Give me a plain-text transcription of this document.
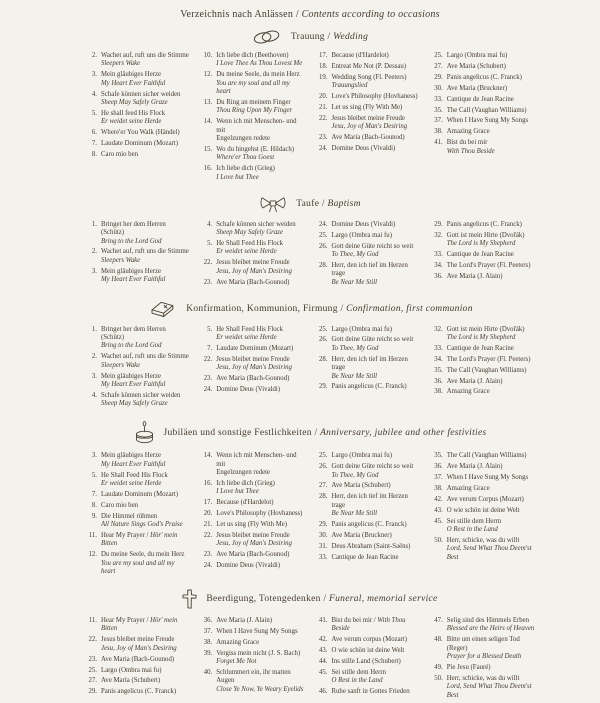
Verzeichnis nach Anlässen / Contents according to occasions
Trauung / Wedding
2. Wachet auf, ruft uns die Stimme
Sleepers Wake
3. Mein gläubiges Herze
My Heart Ever Faithful
4. Schafe können sicher weiden
Sheep May Safely Graze
5. He shall feed His Flock
Er weidet seine Herde
6. Where'er You Walk (Händel)
7. Laudate Dominum (Mozart)
8. Caro mio ben
10. Ich liebe dich (Beethoven)
I Love Thee As Thou Lovest Me
12. Du meine Seele, du mein Herz
You are my soul and all my heart
13. Du Ring an meinem Finger
Thou Ring Upon My Finger
14. Wenn ich mit Menschen- und mit
Engelzungen redete
15. Wo du hingehst (E. Hildach)
Where'er Thou Goest
16. Ich liebe dich (Grieg)
I Love but Thee
17. Because (d'Hardelot)
18. Entreat Me Not (P. Dessau)
19. Wedding Song (Fl. Peeters)
Trauungslied
20. Love's Philosophy (Hovhaness)
21. Let us sing (Fly With Me)
22. Jesus bleibet meine Freude
Jesu, Joy of Man's Desiring
23. Ave Maria (Bach-Gounod)
24. Domine Deus (Vivaldi)
25. Largo (Ombra mai fu)
27. Ave Maria (Schubert)
29. Panis angelicus (C. Franck)
30. Ave Maria (Bruckner)
33. Cantique de Jean Racine
35. The Call (Vaughan Williams)
37. When I Have Sung My Songs
38. Amazing Grace
41. Bist du bei mir
With Thou Beside
Taufe / Baptism
1. Bringet her dem Herren (Schütz)
Bring to the Lord God
2. Wachet auf, ruft uns die Stimme
Sleepers Wake
3. Mein gläubiges Herze
My Heart Ever Faithful
4. Schafe können sicher weiden
Sheep May Safely Graze
5. He Shall Feed His Flock
Er weidet seine Herde
22. Jesus bleibet meine Freude
Jesu, Joy of Man's Desiring
23. Ave Maria (Bach-Gounod)
24. Domine Deus (Vivaldi)
25. Largo (Ombra mai fu)
26. Gott deine Güte reicht so weit
To Thee, My God
28. Herr, den ich tief im Herzen trage
Be Near Me Still
29. Panis angelicus (C. Franck)
32. Gott ist mein Hirte (Dvořák)
The Lord is My Shepherd
33. Cantique de Jean Racine
34. The Lord's Prayer (Fl. Peeters)
36. Ave Maria (J. Alain)
Konfirmation, Kommunion, Firmung / Confirmation, first communion
1. Bringet her dem Herren (Schütz)
Bring to the Lord God
2. Wachet auf, ruft uns die Stimme
Sleepers Wake
3. Mein gläubiges Herze
My Heart Ever Faithful
4. Schafe können sicher weiden
Sheep May Safely Graze
5. He Shall Feed His Flock
Er weidet seine Herde
7. Laudate Dominum (Mozart)
22. Jesus bleibet meine Freude
Jesu, Joy of Man's Desiring
23. Ave Maria (Bach-Gounod)
24. Domine Deus (Vivaldi)
25. Largo (Ombra mai fu)
26. Gott deine Güte reicht so weit
To Thee, My God
28. Herr, den ich tief im Herzen trage
Be Near Me Still
29. Panis angelicus (C. Franck)
32. Gott ist mein Hirte (Dvořák)
The Lord is My Shepherd
33. Cantique de Jean Racine
34. The Lord's Prayer (Fl. Peeters)
35. The Call (Vaughan Williams)
36. Ave Maria (J. Alain)
38. Amazing Grace
Jubiläen und sonstige Festlichkeiten / Anniversary, jubilee and other festivities
3. Mein gläubiges Herze
My Heart Ever Faithful
5. He Shall Feed His Flock
Er weidet seine Herde
7. Laudate Dominum (Mozart)
8. Caro mio ben
9. Die Himmel rühmen
All Nature Sings God's Praise
11. Hear My Prayer / Hör' mein Bitten
12. Du meine Seele, du mein Herz
You are my soul and all my heart
14. Wenn ich mit Menschen- und mit
Engelzungen redete
16. Ich liebe dich (Grieg)
I Love but Thee
17. Because (d'Hardelot)
20. Love's Philosophy (Hovhaness)
21. Let us sing (Fly With Me)
22. Jesus bleibet meine Freude
Jesu, Joy of Man's Desiring
23. Ave Maria (Bach-Gounod)
24. Domine Deus (Vivaldi)
25. Largo (Ombra mai fu)
26. Gott deine Güte reicht so weit
To Thee, My God
27. Ave Maria (Schubert)
28. Herr, den ich tief im Herzen trage
Be Near Me Still
29. Panis angelicus (C. Franck)
30. Ave Maria (Bruckner)
31. Deus Abraham (Saint-Saëns)
33. Cantique de Jean Racine
35. The Call (Vaughan Williams)
36. Ave Maria (J. Alain)
37. When I Have Sung My Songs
38. Amazing Grace
42. Ave verum Corpus (Mozart)
43. O wie schön ist deine Welt
45. Sei stille dem Herrn
O Rest in the Land
50. Herr, schicke, was du willt
Lord, Send What Thou Deem'st Best
Beerdigung, Totengedenken / Funeral, memorial service
11. Hear My Prayer / Hör' mein Bitten
22. Jesus bleibet meine Freude
Jesu, Joy of Man's Desiring
23. Ave Maria (Bach-Gounod)
25. Largo (Ombra mai fu)
27. Ave Maria (Schubert)
29. Panis angelicus (C. Franck)
36. Ave Maria (J. Alain)
37. When I Have Sung My Songs
38. Amazing Grace
39. Vergiss mein nicht (J. S. Bach)
Forget Me Not
40. Schlummert ein, ihr matten Augen
Close Ye Now, Ye Weary Eyelids
41. Bist du bei mir / With Thou Beside
42. Ave verum corpus (Mozart)
43. O wie schön ist deine Welt
44. Ins stille Land (Schubert)
45. Sei stille dem Herrn
O Rest in the Land
46. Ruhe sanft in Gottes Frieden
47. Selig sind des Himmels Erben
Blessed are the Heirs of Heaven
48. Bitte um einen seligen Tod (Reger)
Prayer for a Blessed Death
49. Pie Jesu (Fauré)
50. Herr, schicke, was du willt
Lord, Send What Thou Deem'st Best
